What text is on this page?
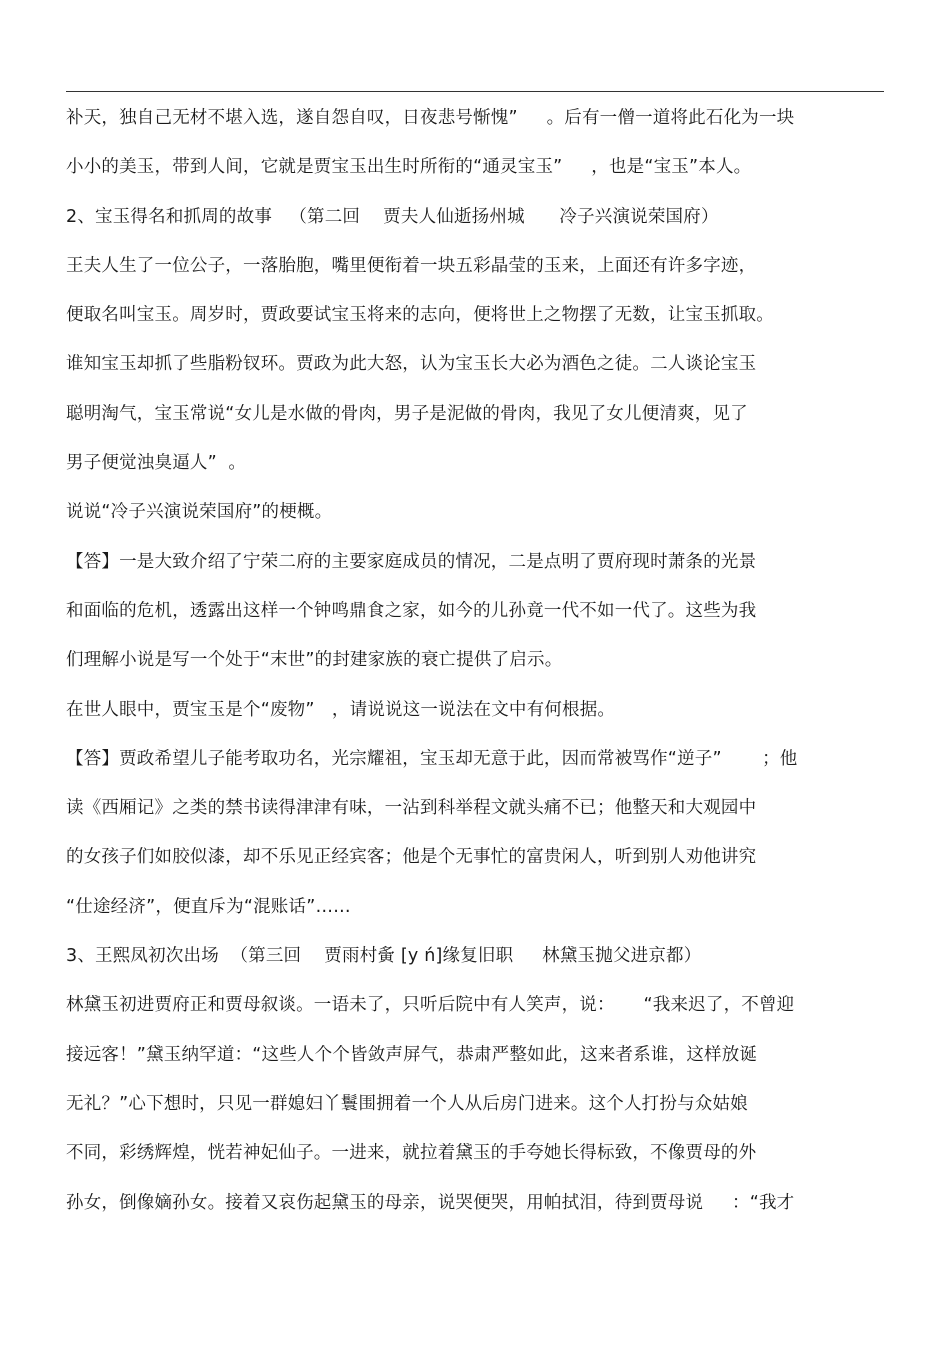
补天，独自己无材不堪入选，遂自怨自叹，日夜悲号惭愧”     。后有一僧一道将此石化为一块
小小的美玉，带到人间，它就是贾宝玉出生时所衔的“通灵宝玉”     ，也是“宝玉”本人。
2、宝玉得名和抓周的故事   （第二回    贾夫人仙逝扬州城      冷子兴演说荣国府）
王夫人生了一位公子，一落胎胞，嘴里便衔着一块五彩晶莹的玉来，上面还有许多字迹，
便取名叫宝玉。周岁时，贾政要试宝玉将来的志向，便将世上之物摆了无数，让宝玉抓取。
谁知宝玉却抓了些脂粉钗环。贾政为此大怒，认为宝玉长大必为酒色之徒。二人谈论宝玉
聪明淘气，宝玉常说“女儿是水做的骨肉，男子是泥做的骨肉，我见了女儿便清爽，见了
男子便觉浊臭逼人”  。
说说“冷子兴演说荣国府”的梗概。
【答】一是大致介绍了宁荣二府的主要家庭成员的情况，二是点明了贾府现时萧条的光景
和面临的危机，透露出这样一个钟鸣鼎食之家，如今的儿孙竟一代不如一代了。这些为我
们理解小说是写一个处于“末世”的封建家族的衰亡提供了启示。
在世人眼中，贾宝玉是个“废物”   ，请说说这一说法在文中有何根据。
【答】贾政希望儿子能考取功名，光宗耀祖，宝玉却无意于此，因而常被骂作“逆子”       ；他
读《西厢记》之类的禁书读得津津有味，一沾到科举程文就头痛不已；他整天和大观园中
的女孩子们如胶似漆，却不乐见正经宾客；他是个无事忙的富贵闲人，听到别人劝他讲究
“仕途经济”，便直斥为“混账话”……
3、王熙凤初次出场  （第三回    贾雨村夤 [y ń]缘复旧职     林黛玉抛父进京都）
林黛玉初进贾府正和贾母叙谈。一语未了，只听后院中有人笑声，说：     “我来迟了，不曾迎
接远客！”黛玉纳罕道：“这些人个个皆敛声屏气，恭肃严整如此，这来者系谁，这样放诞
无礼？”心下想时，只见一群媳妇丫鬟围拥着一个人从后房门进来。这个人打扮与众姑娘
不同，彩绣辉煌，恍若神妃仙子。一进来，就拉着黛玉的手夸她长得标致，不像贾母的外
孙女，倒像嫡孙女。接着又哀伤起黛玉的母亲，说哭便哭，用帕拭泪，待到贾母说     ：“我才
